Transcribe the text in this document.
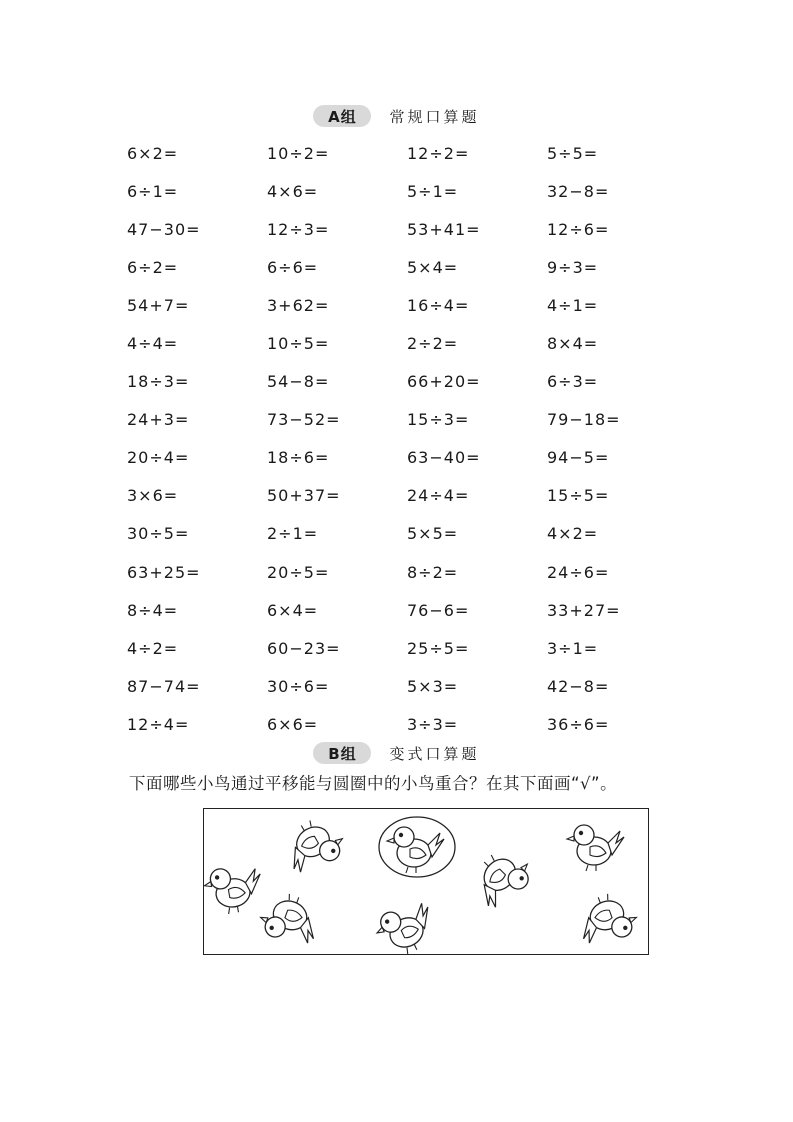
A组	常规口算题
6×2=	10÷2=	12÷2=	5÷5=
6÷1=	4×6=	5÷1=	32−8=
47−30=	12÷3=	53+41=	12÷6=
6÷2=	6÷6=	5×4=	9÷3=
54+7=	3+62=	16÷4=	4÷1=
4÷4=	10÷5=	2÷2=	8×4=
18÷3=	54−8=	66+20=	6÷3=
24+3=	73−52=	15÷3=	79−18=
20÷4=	18÷6=	63−40=	94−5=
3×6=	50+37=	24÷4=	15÷5=
30÷5=	2÷1=	5×5=	4×2=
63+25=	20÷5=	8÷2=	24÷6=
8÷4=	6×4=	76−6=	33+27=
4÷2=	60−23=	25÷5=	3÷1=
87−74=	30÷6=	5×3=	42−8=
12÷4=	6×6=	3÷3=	36÷6=
B组	变式口算题
下面哪些小鸟通过平移能与圆圈中的小鸟重合？在其下面画“√”。
